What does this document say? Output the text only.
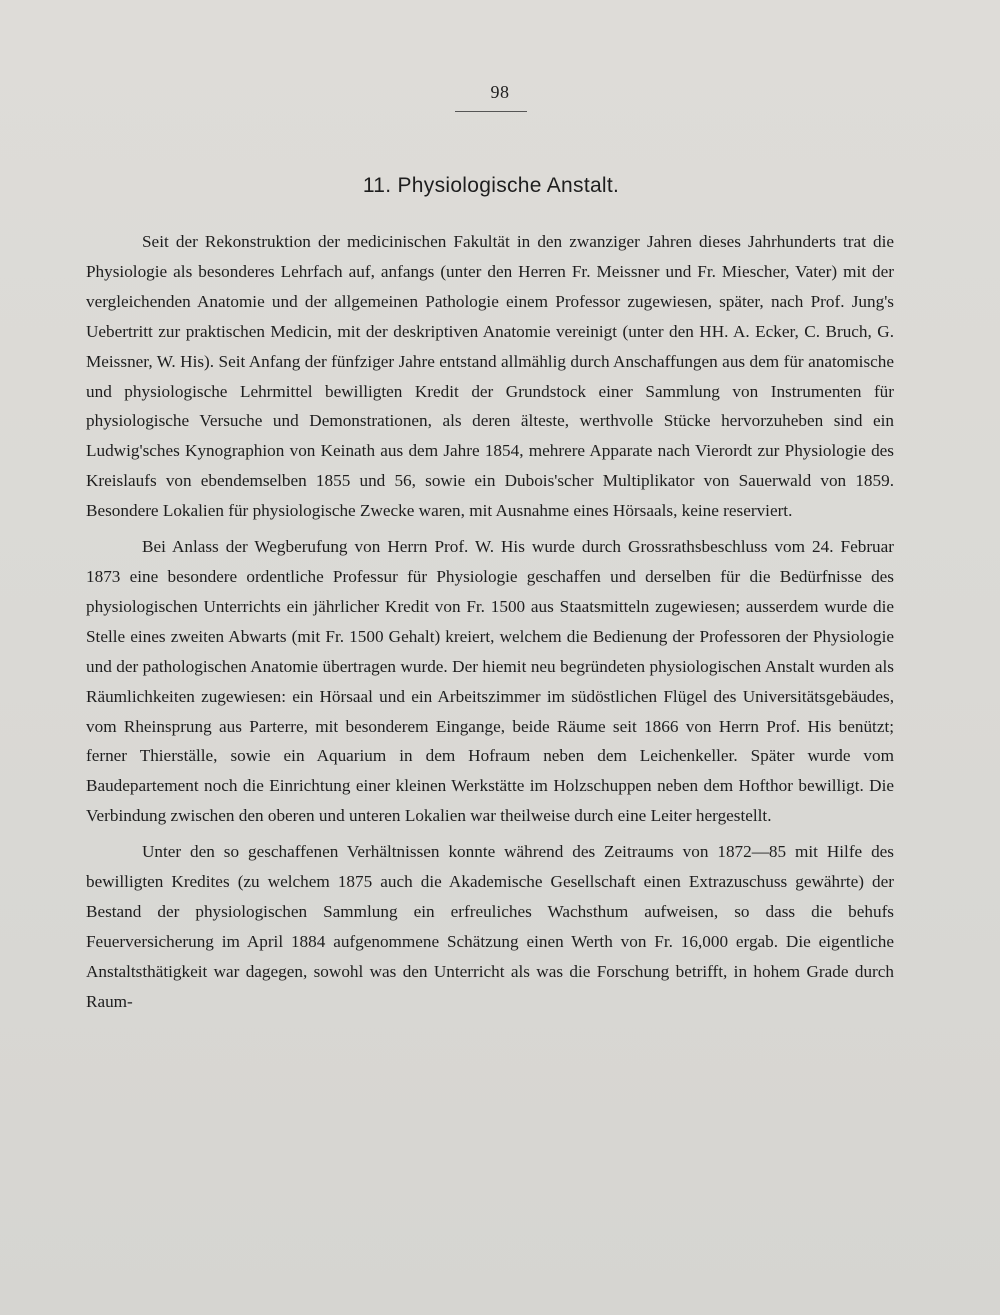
98
11. Physiologische Anstalt.

Seit der Rekonstruktion der medicinischen Fakultät in den zwanziger Jahren dieses Jahrhunderts trat die Physiologie als besonderes Lehrfach auf, anfangs (unter den Herren Fr. Meissner und Fr. Miescher, Vater) mit der vergleichenden Anatomie und der allgemeinen Pathologie einem Professor zugewiesen, später, nach Prof. Jung's Uebertritt zur praktischen Medicin, mit der deskriptiven Anatomie vereinigt (unter den HH. A. Ecker, C. Bruch, G. Meissner, W. His). Seit Anfang der fünfziger Jahre entstand allmählig durch Anschaffungen aus dem für anatomische und physiologische Lehrmittel bewilligten Kredit der Grundstock einer Sammlung von Instrumenten für physiologische Versuche und Demonstrationen, als deren älteste, werthvolle Stücke hervorzuheben sind ein Ludwig'sches Kynographion von Keinath aus dem Jahre 1854, mehrere Apparate nach Vierordt zur Physiologie des Kreislaufs von ebendemselben 1855 und 56, sowie ein Dubois'scher Multiplikator von Sauerwald von 1859. Besondere Lokalien für physiologische Zwecke waren, mit Ausnahme eines Hörsaals, keine reserviert.

Bei Anlass der Wegberufung von Herrn Prof. W. His wurde durch Grossrathsbeschluss vom 24. Februar 1873 eine besondere ordentliche Professur für Physiologie geschaffen und derselben für die Bedürfnisse des physiologischen Unterrichts ein jährlicher Kredit von Fr. 1500 aus Staatsmitteln zugewiesen; ausserdem wurde die Stelle eines zweiten Abwarts (mit Fr. 1500 Gehalt) kreiert, welchem die Bedienung der Professoren der Physiologie und der pathologischen Anatomie übertragen wurde. Der hiemit neu begründeten physiologischen Anstalt wurden als Räumlichkeiten zugewiesen: ein Hörsaal und ein Arbeitszimmer im südöstlichen Flügel des Universitätsgebäudes, vom Rheinsprung aus Parterre, mit besonderem Eingange, beide Räume seit 1866 von Herrn Prof. His benützt; ferner Thierställe, sowie ein Aquarium in dem Hofraum neben dem Leichenkeller. Später wurde vom Baudepartement noch die Einrichtung einer kleinen Werkstätte im Holzschuppen neben dem Hofthor bewilligt. Die Verbindung zwischen den oberen und unteren Lokalien war theilweise durch eine Leiter hergestellt.

Unter den so geschaffenen Verhältnissen konnte während des Zeitraums von 1872—85 mit Hilfe des bewilligten Kredites (zu welchem 1875 auch die Akademische Gesellschaft einen Extrazuschuss gewährte) der Bestand der physiologischen Sammlung ein erfreuliches Wachsthum aufweisen, so dass die behufs Feuerversicherung im April 1884 aufgenommene Schätzung einen Werth von Fr. 16,000 ergab. Die eigentliche Anstaltsthätigkeit war dagegen, sowohl was den Unterricht als was die Forschung betrifft, in hohem Grade durch Raum-
